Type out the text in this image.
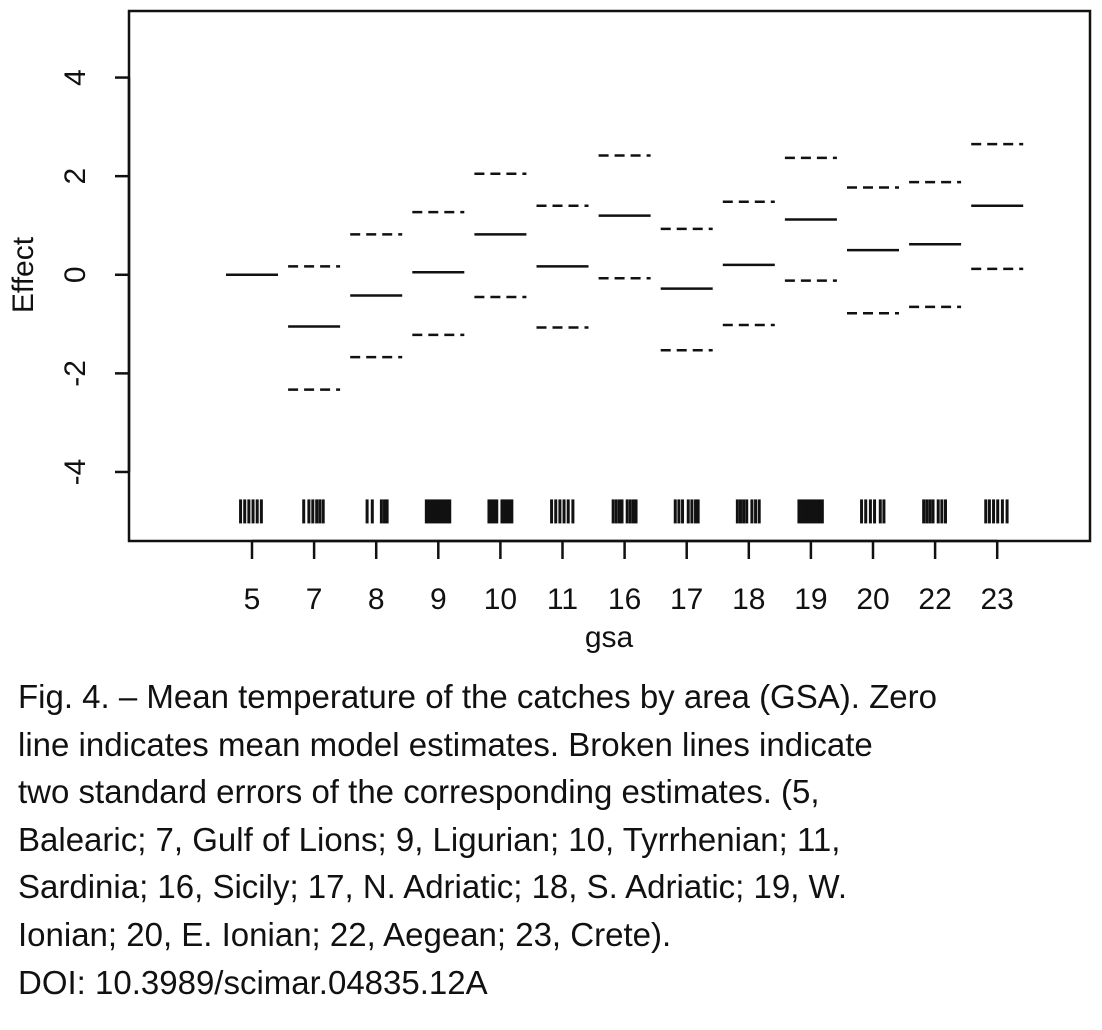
4
2
0
-2
-4
5 7 8 9 10 11 16 17 18 19 20 22 23
Effect
gsa
Fig. 4. – Mean temperature of the catches by area (GSA). Zero
line indicates mean model estimates. Broken lines indicate
two standard errors of the corresponding estimates. (5,
Balearic; 7, Gulf of Lions; 9, Ligurian; 10, Tyrrhenian; 11,
Sardinia; 16, Sicily; 17, N. Adriatic; 18, S. Adriatic; 19, W.
Ionian; 20, E. Ionian; 22, Aegean; 23, Crete).
DOI: 10.3989/scimar.04835.12A
